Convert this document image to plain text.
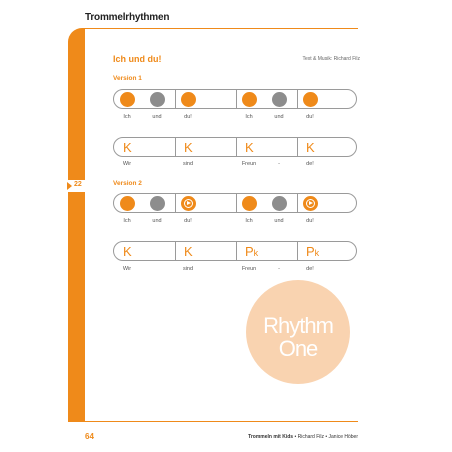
Trommelrhythmen
22
Ich und du!	Text & Musik: Richard Filz
Version 1
Ich	und	du!	Ich	und	du!
K	K	K	K
Wir	sind	Freun	-	de!
Version 2
Ich	und	du!	Ich	und	du!
K	K	Pk	Pk
Wir	sind	Freun	-	de!
Rhythm
One
64	Trommeln mit Kids • Richard Filz • Janice Höber
